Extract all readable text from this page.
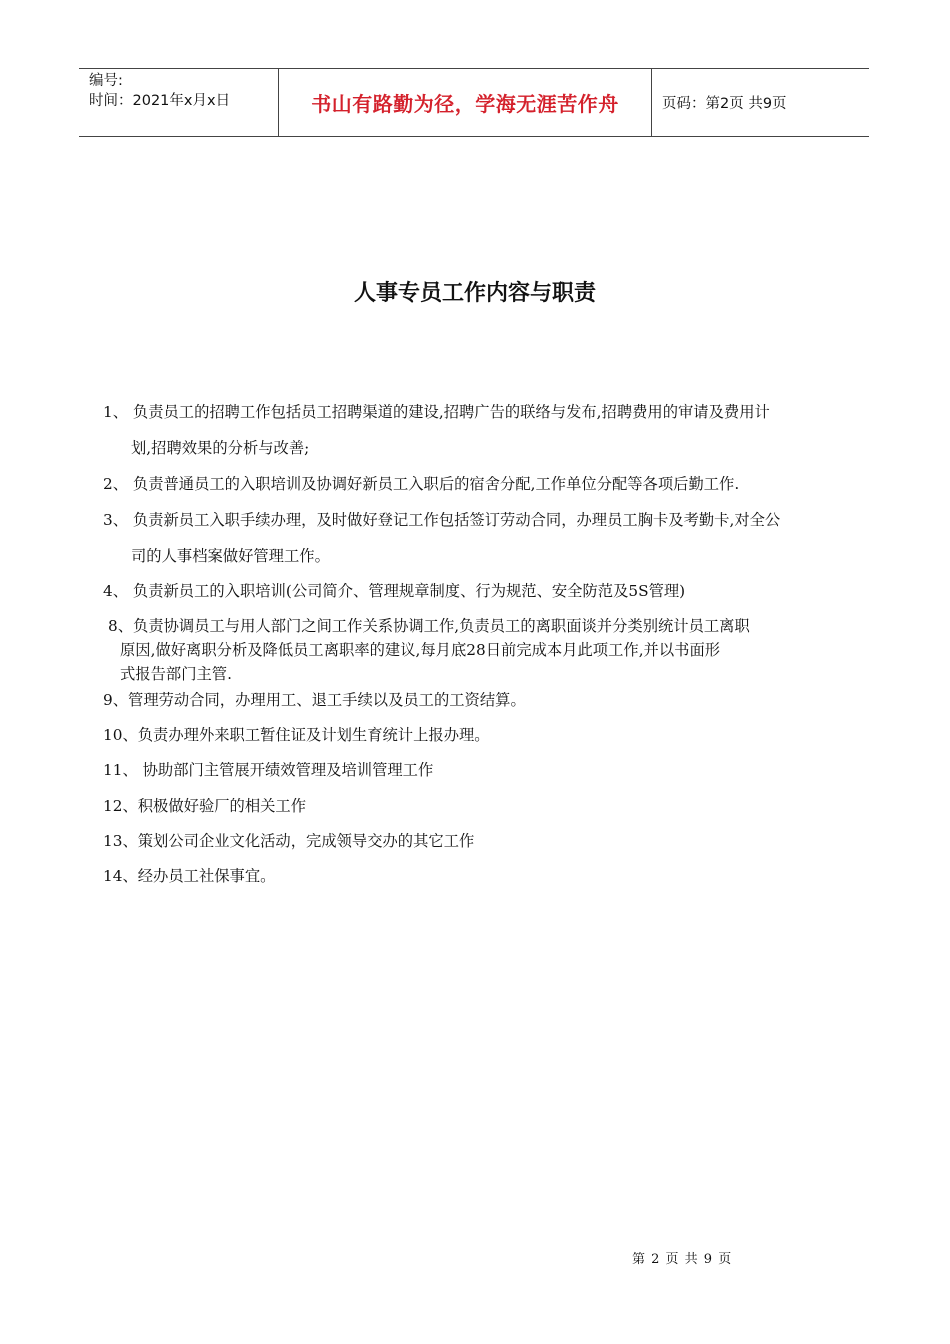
编号:
时间：2021年x月x日	书山有路勤为径，学海无涯苦作舟	页码：第2页 共9页
人事专员工作内容与职责
1、 负责员工的招聘工作包括员工招聘渠道的建设,招聘广告的联络与发布,招聘费用的审请及费用计
划,招聘效果的分析与改善;
2、 负责普通员工的入职培训及协调好新员工入职后的宿舍分配,工作单位分配等各项后勤工作.
3、 负责新员工入职手续办理，及时做好登记工作包括签订劳动合同，办理员工胸卡及考勤卡,对全公
司的人事档案做好管理工作。
4、 负责新员工的入职培训(公司简介、管理规章制度、行为规范、安全防范及5S管理)
8、负责协调员工与用人部门之间工作关系协调工作,负责员工的离职面谈并分类别统计员工离职
原因,做好离职分析及降低员工离职率的建议,每月底28日前完成本月此项工作,并以书面形
式报告部门主管.
9、管理劳动合同，办理用工、退工手续以及员工的工资结算。
10、负责办理外来职工暂住证及计划生育统计上报办理。
11、 协助部门主管展开绩效管理及培训管理工作
12、积极做好验厂的相关工作
13、策划公司企业文化活动，完成领导交办的其它工作
14、经办员工社保事宜。
第 2 页 共 9 页
